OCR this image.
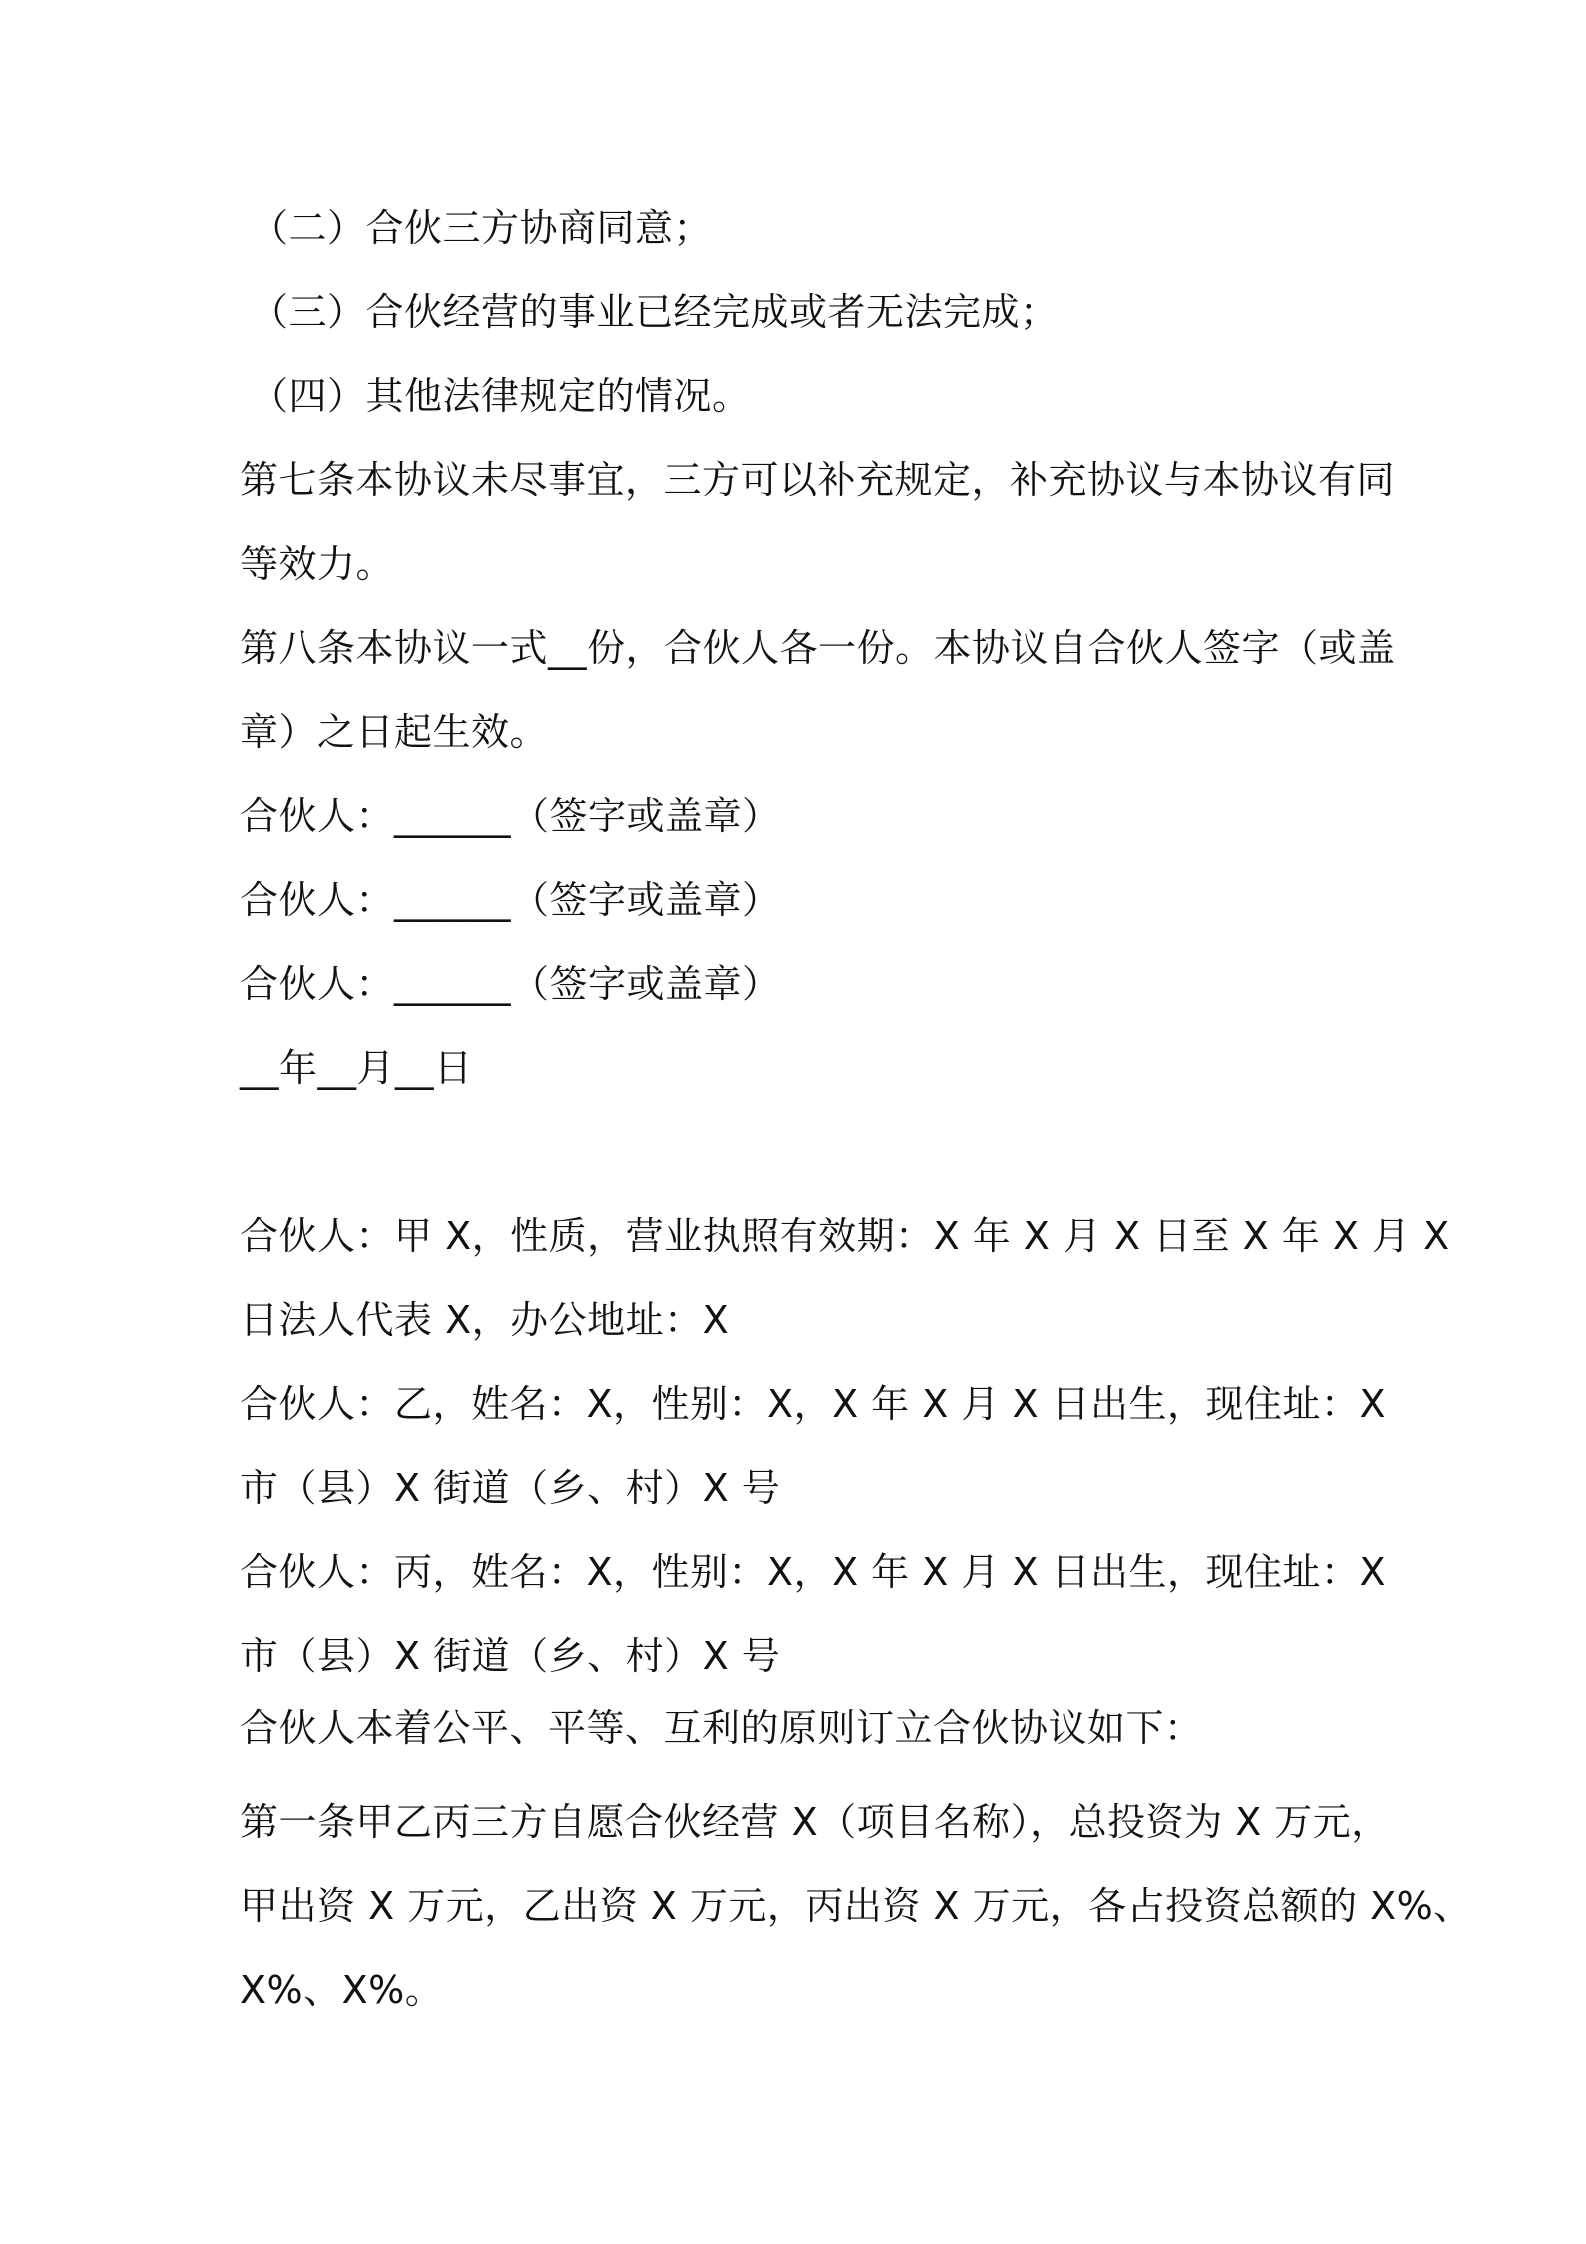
（二）合伙三方协商同意；

（三）合伙经营的事业已经完成或者无法完成；

（四）其他法律规定的情况。

第七条本协议未尽事宜，三方可以补充规定，补充协议与本协议有同

等效力。

第八条本协议一式__份，合伙人各一份。本协议自合伙人签字（或盖

章）之日起生效。

合伙人：______（签字或盖章）

合伙人：______（签字或盖章）

合伙人：______（签字或盖章）

__年__月__日

合伙人：甲 X，性质，营业执照有效期：X 年 X 月 X 日至 X 年 X 月 X

日法人代表 X，办公地址：X

合伙人：乙，姓名：X，性别：X，X 年 X 月 X 日出生，现住址：X

市（县）X 街道（乡、村）X 号

合伙人：丙，姓名：X，性别：X，X 年 X 月 X 日出生，现住址：X

市（县）X 街道（乡、村）X 号

合伙人本着公平、平等、互利的原则订立合伙协议如下：

第一条甲乙丙三方自愿合伙经营 X（项目名称），总投资为 X 万元，

甲出资 X 万元，乙出资 X 万元，丙出资 X 万元，各占投资总额的 X%、

X%、X%。
